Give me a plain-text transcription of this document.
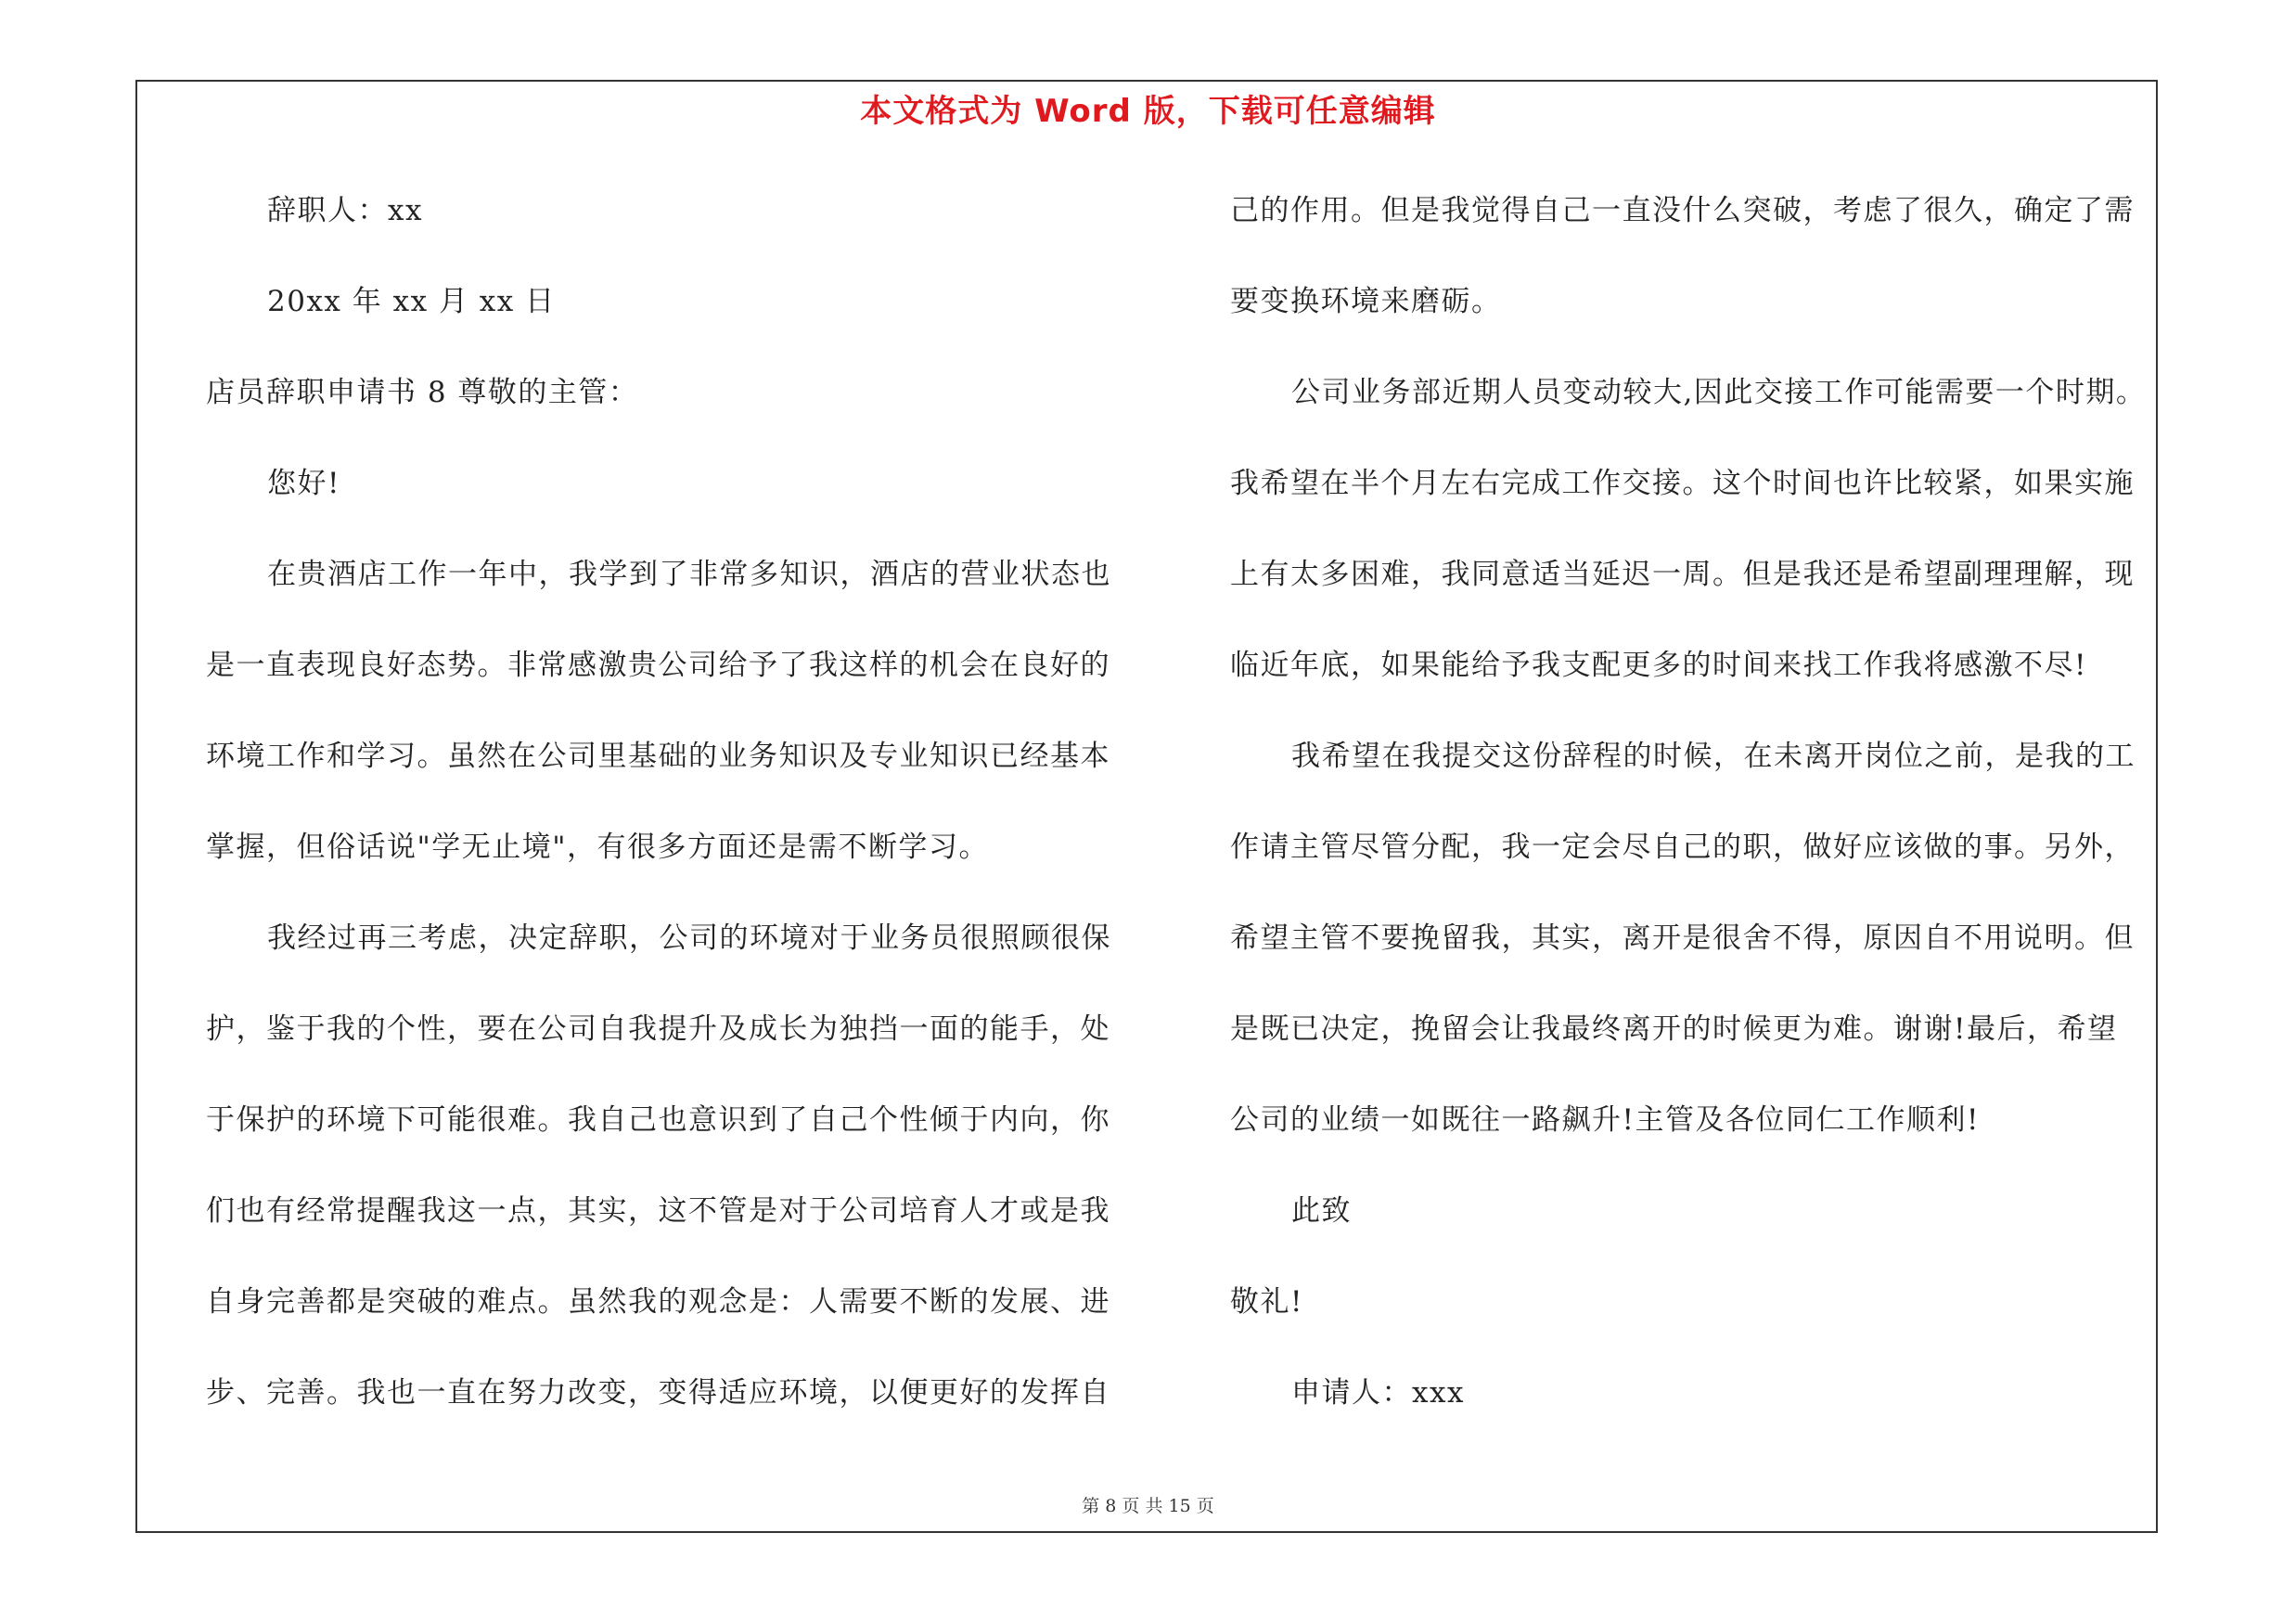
本文格式为 Word 版，下载可任意编辑
辞职人：xx
20xx 年 xx 月 xx 日
店员辞职申请书 8 尊敬的主管：
您好!
在贵酒店工作一年中，我学到了非常多知识，酒店的营业状态也
是一直表现良好态势。非常感激贵公司给予了我这样的机会在良好的
环境工作和学习。虽然在公司里基础的业务知识及专业知识已经基本
掌握，但俗话说"学无止境"，有很多方面还是需不断学习。
我经过再三考虑，决定辞职，公司的环境对于业务员很照顾很保
护，鉴于我的个性，要在公司自我提升及成长为独挡一面的能手，处
于保护的环境下可能很难。我自己也意识到了自己个性倾于内向，你
们也有经常提醒我这一点，其实，这不管是对于公司培育人才或是我
自身完善都是突破的难点。虽然我的观念是：人需要不断的发展、进
步、完善。我也一直在努力改变，变得适应环境，以便更好的发挥自
己的作用。但是我觉得自己一直没什么突破，考虑了很久，确定了需
要变换环境来磨砺。
公司业务部近期人员变动较大,因此交接工作可能需要一个时期。
我希望在半个月左右完成工作交接。这个时间也许比较紧，如果实施
上有太多困难，我同意适当延迟一周。但是我还是希望副理理解，现
临近年底，如果能给予我支配更多的时间来找工作我将感激不尽!
我希望在我提交这份辞程的时候，在未离开岗位之前，是我的工
作请主管尽管分配，我一定会尽自己的职，做好应该做的事。另外，
希望主管不要挽留我，其实，离开是很舍不得，原因自不用说明。但
是既已决定，挽留会让我最终离开的时候更为难。谢谢!最后，希望
公司的业绩一如既往一路飙升!主管及各位同仁工作顺利!
此致
敬礼!
申请人：xxx
第 8 页 共 15 页
